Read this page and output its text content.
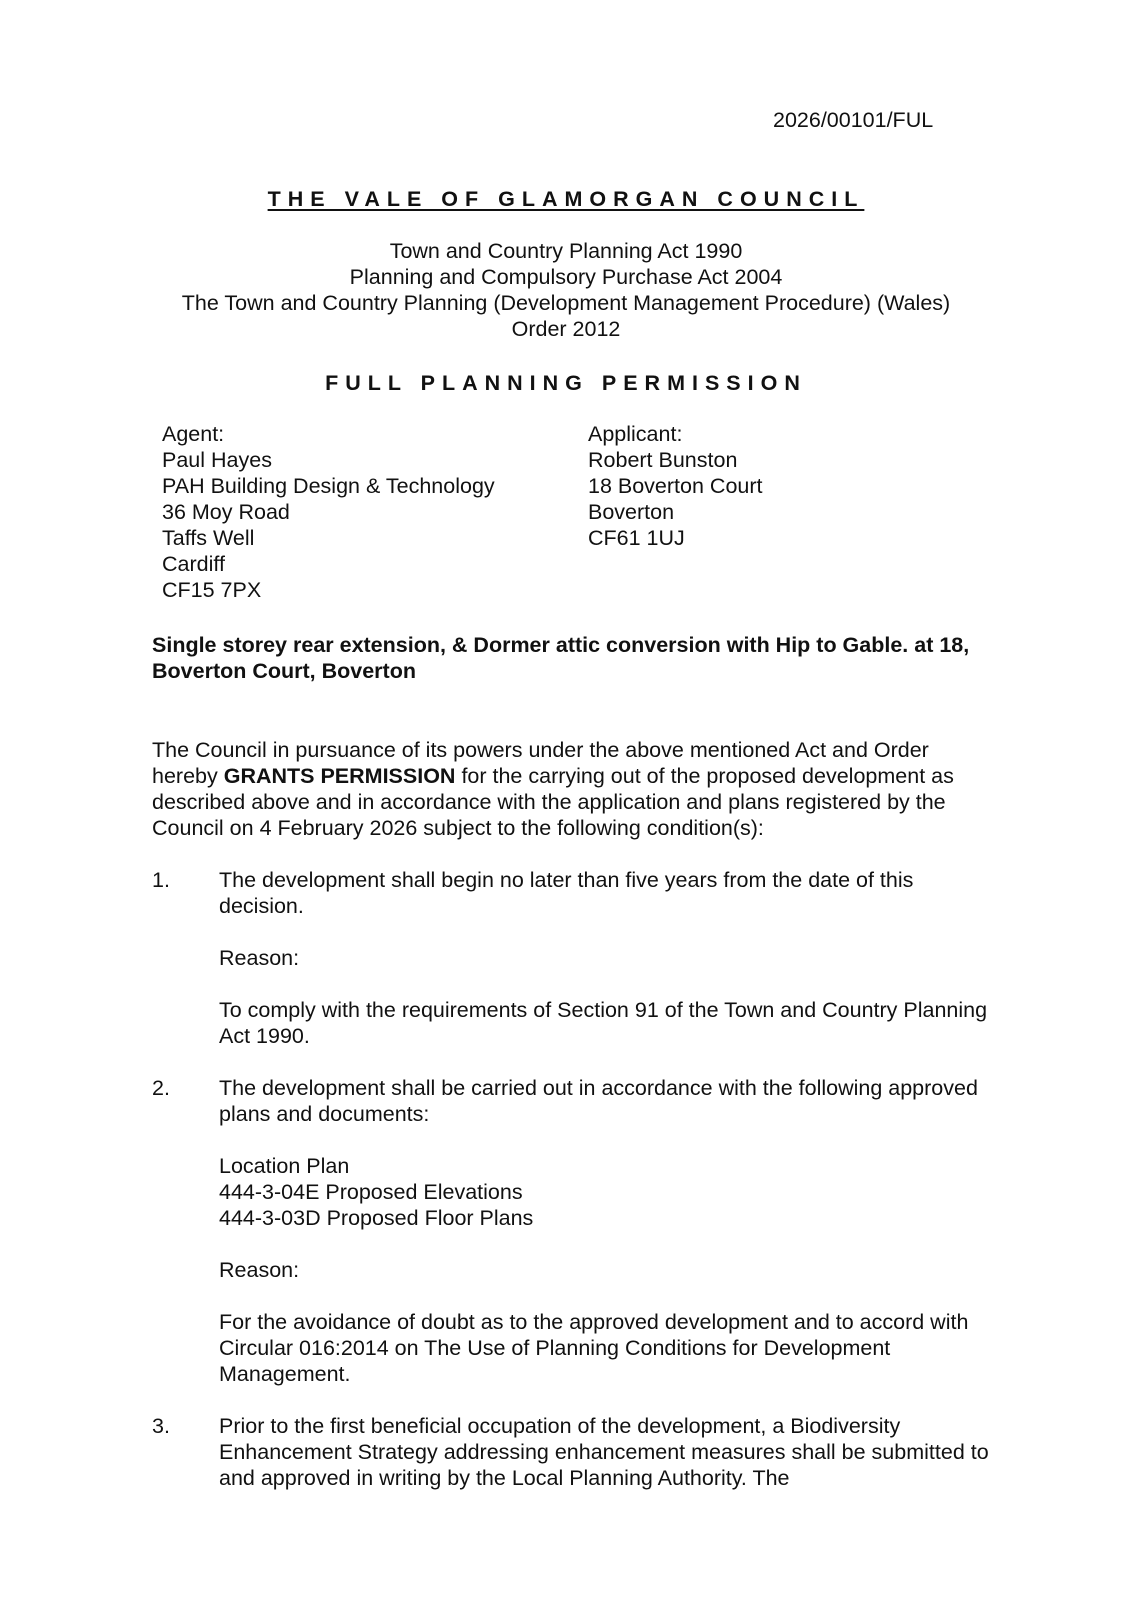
2026/00101/FUL
THE VALE OF GLAMORGAN COUNCIL
Town and Country Planning Act 1990
Planning and Compulsory Purchase Act 2004
The Town and Country Planning (Development Management Procedure) (Wales)
Order 2012
FULL PLANNING PERMISSION
Agent:
Paul Hayes
PAH Building Design & Technology
36 Moy Road
Taffs Well
Cardiff
CF15 7PX
Applicant:
Robert Bunston
18 Boverton Court
Boverton
CF61 1UJ
Single storey rear extension, & Dormer attic conversion with Hip to Gable. at 18, Boverton Court, Boverton
The Council in pursuance of its powers under the above mentioned Act and Order hereby GRANTS PERMISSION for the carrying out of the proposed development as described above and in accordance with the application and plans registered by the Council on 4 February 2026 subject to the following condition(s):
1. The development shall begin no later than five years from the date of this decision.

Reason:

To comply with the requirements of Section 91 of the Town and Country Planning Act 1990.

2. The development shall be carried out in accordance with the following approved plans and documents:

Location Plan
444-3-04E Proposed Elevations
444-3-03D Proposed Floor Plans

Reason:

For the avoidance of doubt as to the approved development and to accord with Circular 016:2014 on The Use of Planning Conditions for Development Management.

3. Prior to the first beneficial occupation of the development, a Biodiversity Enhancement Strategy addressing enhancement measures shall be submitted to and approved in writing by the Local Planning Authority. The
